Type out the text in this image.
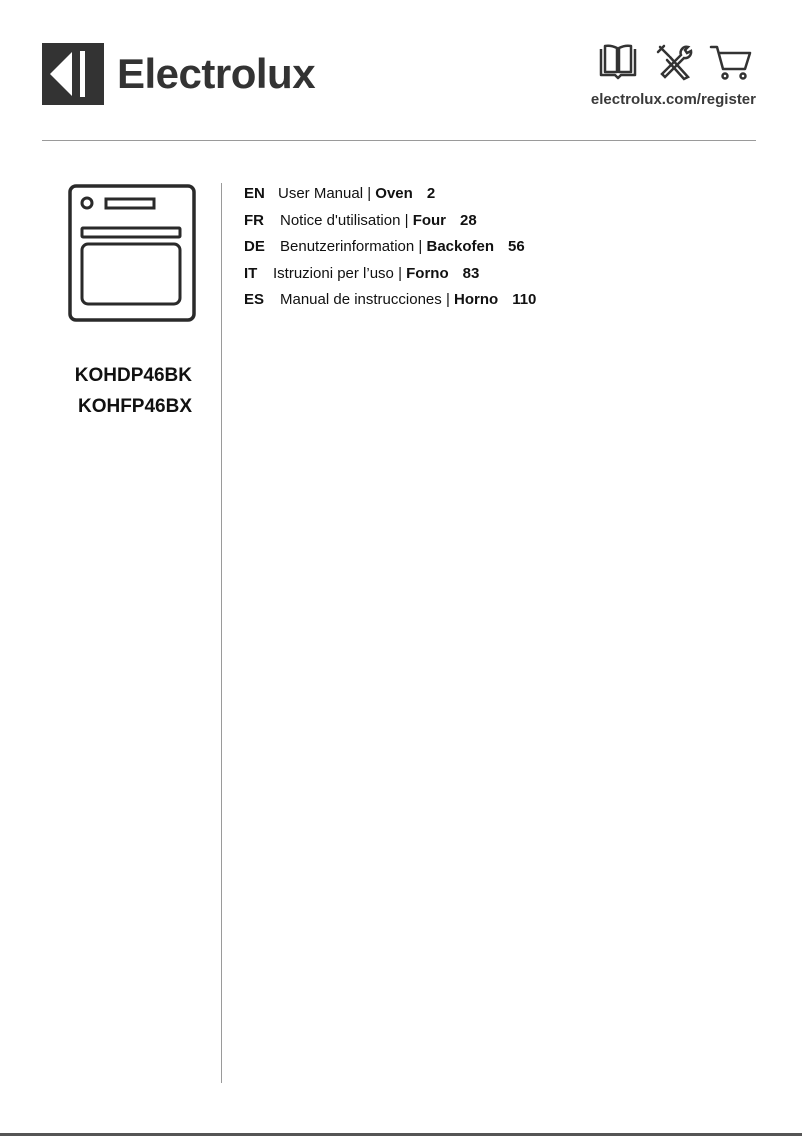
Electrolux
electrolux.com/register
KOHDP46BK
KOHFP46BX
EN User Manual | Oven 2
FR Notice d'utilisation | Four 28
DE Benutzerinformation | Backofen 56
IT Istruzioni per l’uso | Forno 83
ES Manual de instrucciones | Horno 110
